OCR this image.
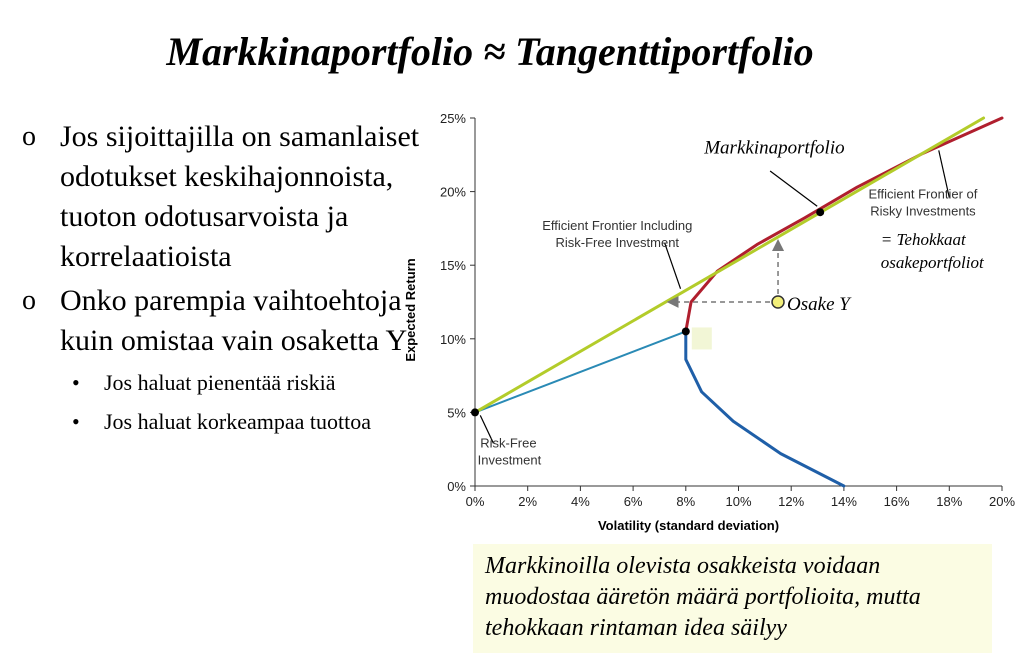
Markkinaportfolio ≈ Tangenttiportfolio
o Jos sijoittajilla on samanlaiset odotukset keskihajonnoista, tuoton odotusarvoista ja korrelaatioista
o Onko parempia vaihtoehtoja kuin omistaa vain osaketta Y
• Jos haluat pienentää riskiä
• Jos haluat korkeampaa tuottoa
0%	2%	4%	6%	8% 10% 12% 14% 16% 18% 20%
0%
5%
10%
15%
20%
25%
Volatility (standard deviation)
Expected Return
Efficient Frontier Including
Risk-Free Investment
Efficient Frontier of
Risky Investments
= Tehokkaat
osakeportfoliot
Markkinaportfolio
Osake Y
Risk-Free
Investment
Markkinoilla olevista osakkeista voidaan muodostaa ääretön määrä portfolioita, mutta tehokkaan rintaman idea säilyy
